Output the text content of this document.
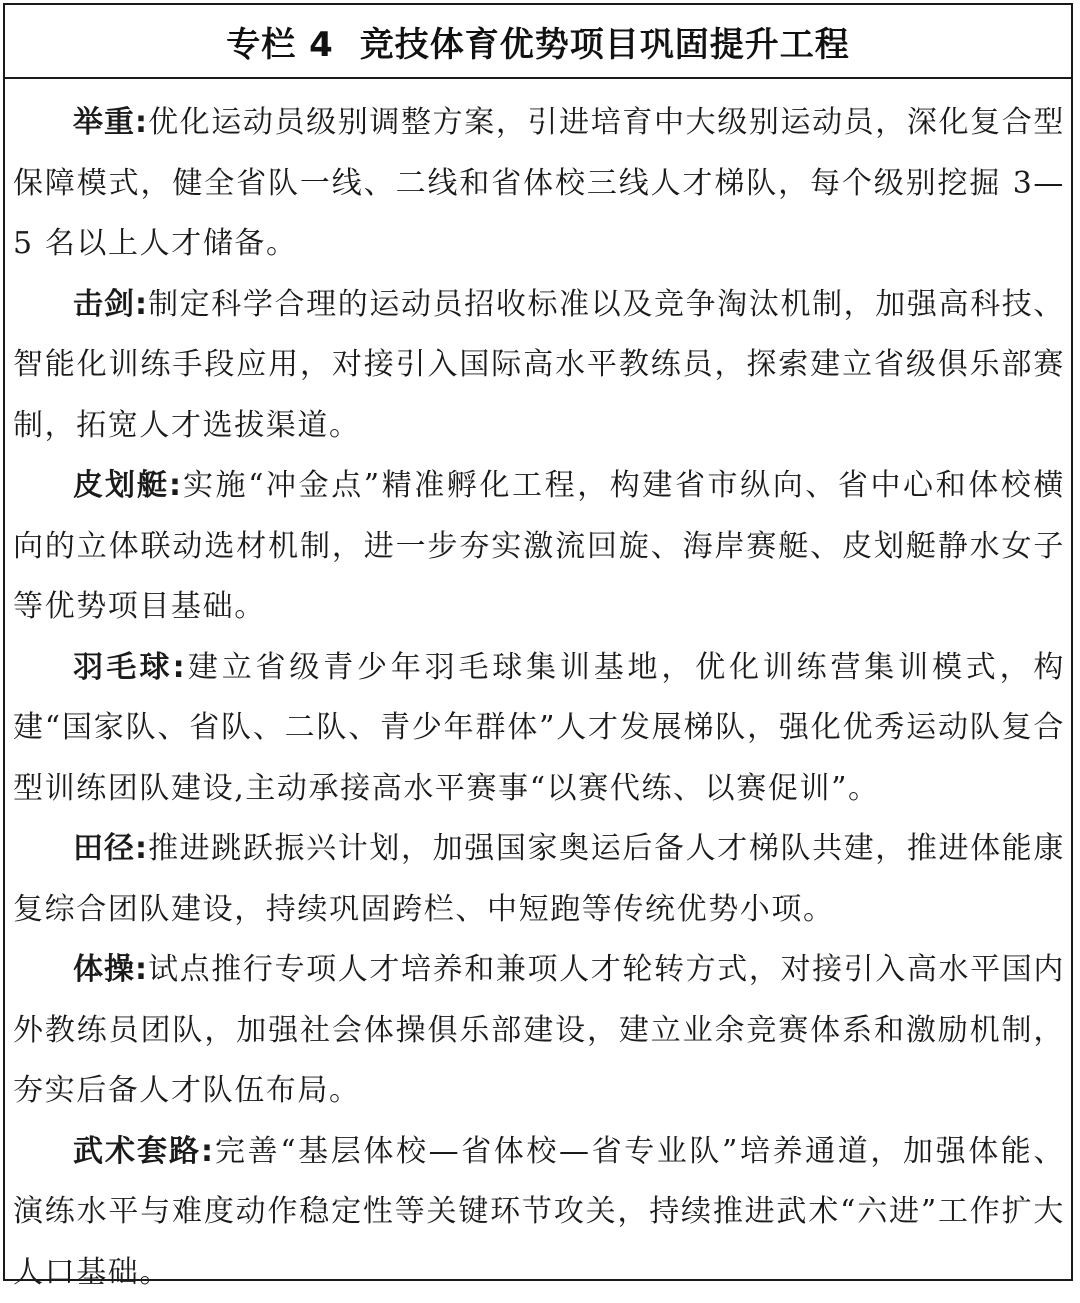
专栏 4 竞技体育优势项目巩固提升工程

举重:优化运动员级别调整方案，引进培育中大级别运动员，深化复合型保障模式，健全省队一线、二线和省体校三线人才梯队，每个级别挖掘 3—5 名以上人才储备。

击剑:制定科学合理的运动员招收标准以及竞争淘汰机制，加强高科技、智能化训练手段应用，对接引入国际高水平教练员，探索建立省级俱乐部赛制，拓宽人才选拔渠道。

皮划艇:实施“冲金点”精准孵化工程，构建省市纵向、省中心和体校横向的立体联动选材机制，进一步夯实激流回旋、海岸赛艇、皮划艇静水女子等优势项目基础。

羽毛球:建立省级青少年羽毛球集训基地，优化训练营集训模式，构建“国家队、省队、二队、青少年群体”人才发展梯队，强化优秀运动队复合型训练团队建设,主动承接高水平赛事“以赛代练、以赛促训”。

田径:推进跳跃振兴计划，加强国家奥运后备人才梯队共建，推进体能康复综合团队建设，持续巩固跨栏、中短跑等传统优势小项。

体操:试点推行专项人才培养和兼项人才轮转方式，对接引入高水平国内外教练员团队，加强社会体操俱乐部建设，建立业余竞赛体系和激励机制，夯实后备人才队伍布局。

武术套路:完善“基层体校—省体校—省专业队”培养通道，加强体能、演练水平与难度动作稳定性等关键环节攻关，持续推进武术“六进”工作扩大人口基础。
